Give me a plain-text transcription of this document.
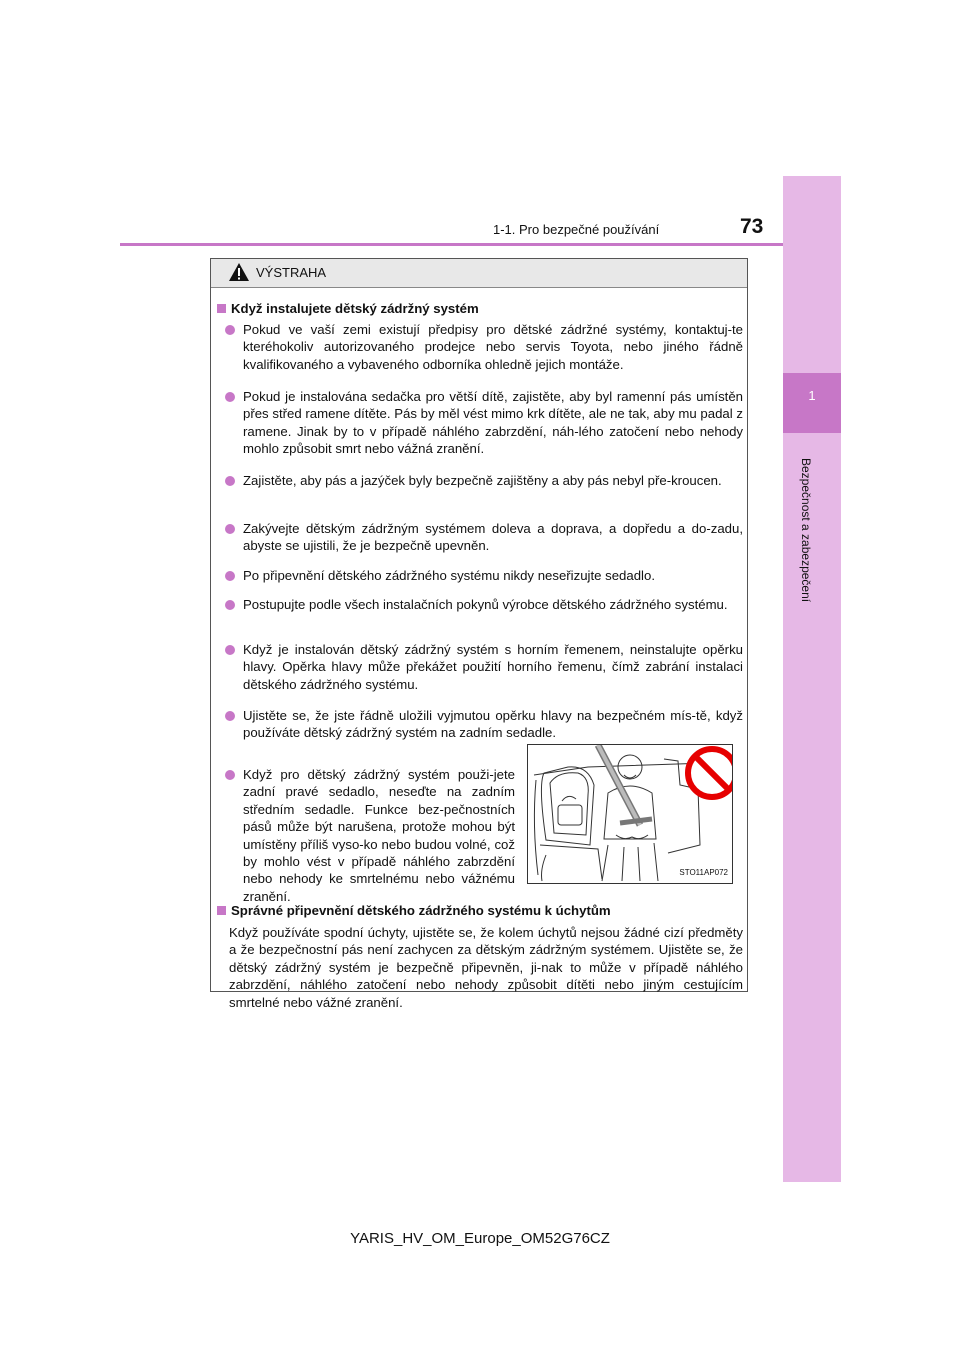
1
Bezpečnost a zabezpečení
1-1. Pro bezpečné používání	73
VÝSTRAHA
Když instalujete dětský zádržný systém
Pokud ve vaší zemi existují předpisy pro dětské zádržné systémy, kontaktuj-te kteréhokoliv autorizovaného prodejce nebo servis Toyota, nebo jiného řádně kvalifikovaného a vybaveného odborníka ohledně jejich montáže.
Pokud je instalována sedačka pro větší dítě, zajistěte, aby byl ramenní pás umístěn přes střed ramene dítěte. Pás by měl vést mimo krk dítěte, ale ne tak, aby mu padal z ramene. Jinak by to v případě náhlého zabrzdění, náh-lého zatočení nebo nehody mohlo způsobit smrt nebo vážná zranění.
Zajistěte, aby pás a jazýček byly bezpečně zajištěny a aby pás nebyl pře-kroucen.
Zakývejte dětským zádržným systémem doleva a doprava, a dopředu a do-zadu, abyste se ujistili, že je bezpečně upevněn.
Po připevnění dětského zádržného systému nikdy neseřizujte sedadlo.
Postupujte podle všech instalačních pokynů výrobce dětského zádržného systému.
Když je instalován dětský zádržný systém s horním řemenem, neinstalujte opěrku hlavy. Opěrka hlavy může překážet použití horního řemenu, čímž zabrání instalaci dětského zádržného systému.
Ujistěte se, že jste řádně uložili vyjmutou opěrku hlavy na bezpečném mís-tě, když používáte dětský zádržný systém na zadním sedadle.
Když pro dětský zádržný systém použi-jete zadní pravé sedadlo, neseďte na zadním středním sedadle. Funkce bez-pečnostních pásů může být narušena, protože mohou být umístěny příliš vyso-ko nebo budou volné, což by mohlo vést v případě náhlého zabrzdění nebo nehody ke smrtelnému nebo vážnému zranění.
STO11AP072
Správné připevnění dětského zádržného systému k úchytům
Když používáte spodní úchyty, ujistěte se, že kolem úchytů nejsou žádné cizí předměty a že bezpečnostní pás není zachycen za dětským zádržným systémem. Ujistěte se, že dětský zádržný systém je bezpečně připevněn, ji-nak to může v případě náhlého zabrzdění, náhlého zatočení nebo nehody způsobit dítěti nebo jiným cestujícím smrtelné nebo vážné zranění.
YARIS_HV_OM_Europe_OM52G76CZ
